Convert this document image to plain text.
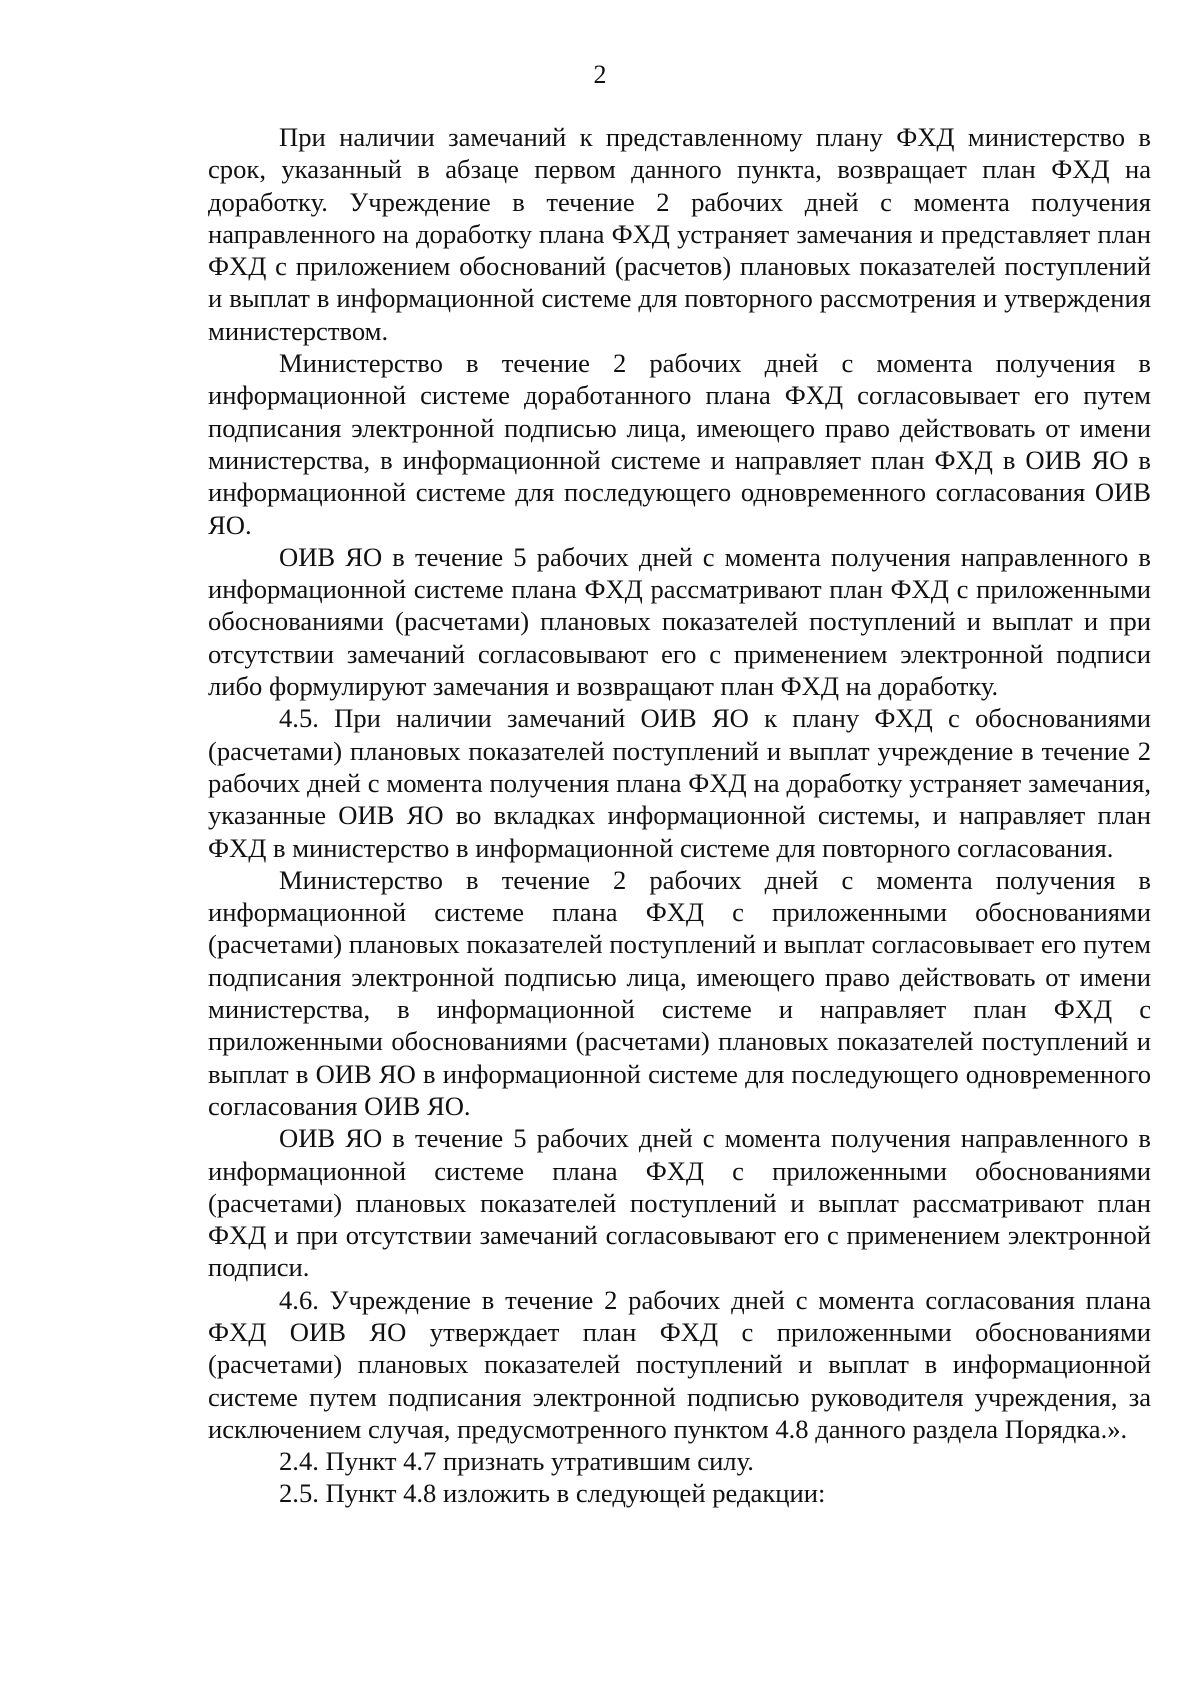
2

При наличии замечаний к представленному плану ФХД министерство в срок, указанный в абзаце первом данного пункта, возвращает план ФХД на доработку. Учреждение в течение 2 рабочих дней с момента получения направленного на доработку плана ФХД устраняет замечания и представляет план ФХД с приложением обоснований (расчетов) плановых показателей поступлений и выплат в информационной системе для повторного рассмотрения и утверждения министерством.

Министерство в течение 2 рабочих дней с момента получения в информационной системе доработанного плана ФХД согласовывает его путем подписания электронной подписью лица, имеющего право действовать от имени министерства, в информационной системе и направляет план ФХД в ОИВ ЯО в информационной системе для последующего одновременного согласования ОИВ ЯО.

ОИВ ЯО в течение 5 рабочих дней с момента получения направленного в информационной системе плана ФХД рассматривают план ФХД с приложенными обоснованиями (расчетами) плановых показателей поступлений и выплат и при отсутствии замечаний согласовывают его с применением электронной подписи либо формулируют замечания и возвращают план ФХД на доработку.

4.5. При наличии замечаний ОИВ ЯО к плану ФХД с обоснованиями (расчетами) плановых показателей поступлений и выплат учреждение в течение 2 рабочих дней с момента получения плана ФХД на доработку устраняет замечания, указанные ОИВ ЯО во вкладках информационной системы, и направляет план ФХД в министерство в информационной системе для повторного согласования.

Министерство в течение 2 рабочих дней с момента получения в информационной системе плана ФХД с приложенными обоснованиями (расчетами) плановых показателей поступлений и выплат согласовывает его путем подписания электронной подписью лица, имеющего право действовать от имени министерства, в информационной системе и направляет план ФХД с приложенными обоснованиями (расчетами) плановых показателей поступлений и выплат в ОИВ ЯО в информационной системе для последующего одновременного согласования ОИВ ЯО.

ОИВ ЯО в течение 5 рабочих дней с момента получения направленного в информационной системе плана ФХД с приложенными обоснованиями (расчетами) плановых показателей поступлений и выплат рассматривают план ФХД и при отсутствии замечаний согласовывают его с применением электронной подписи.

4.6. Учреждение в течение 2 рабочих дней с момента согласования плана ФХД ОИВ ЯО утверждает план ФХД с приложенными обоснованиями (расчетами) плановых показателей поступлений и выплат в информационной системе путем подписания электронной подписью руководителя учреждения, за исключением случая, предусмотренного пунктом 4.8 данного раздела Порядка.».

2.4. Пункт 4.7 признать утратившим силу.

2.5. Пункт 4.8 изложить в следующей редакции:
